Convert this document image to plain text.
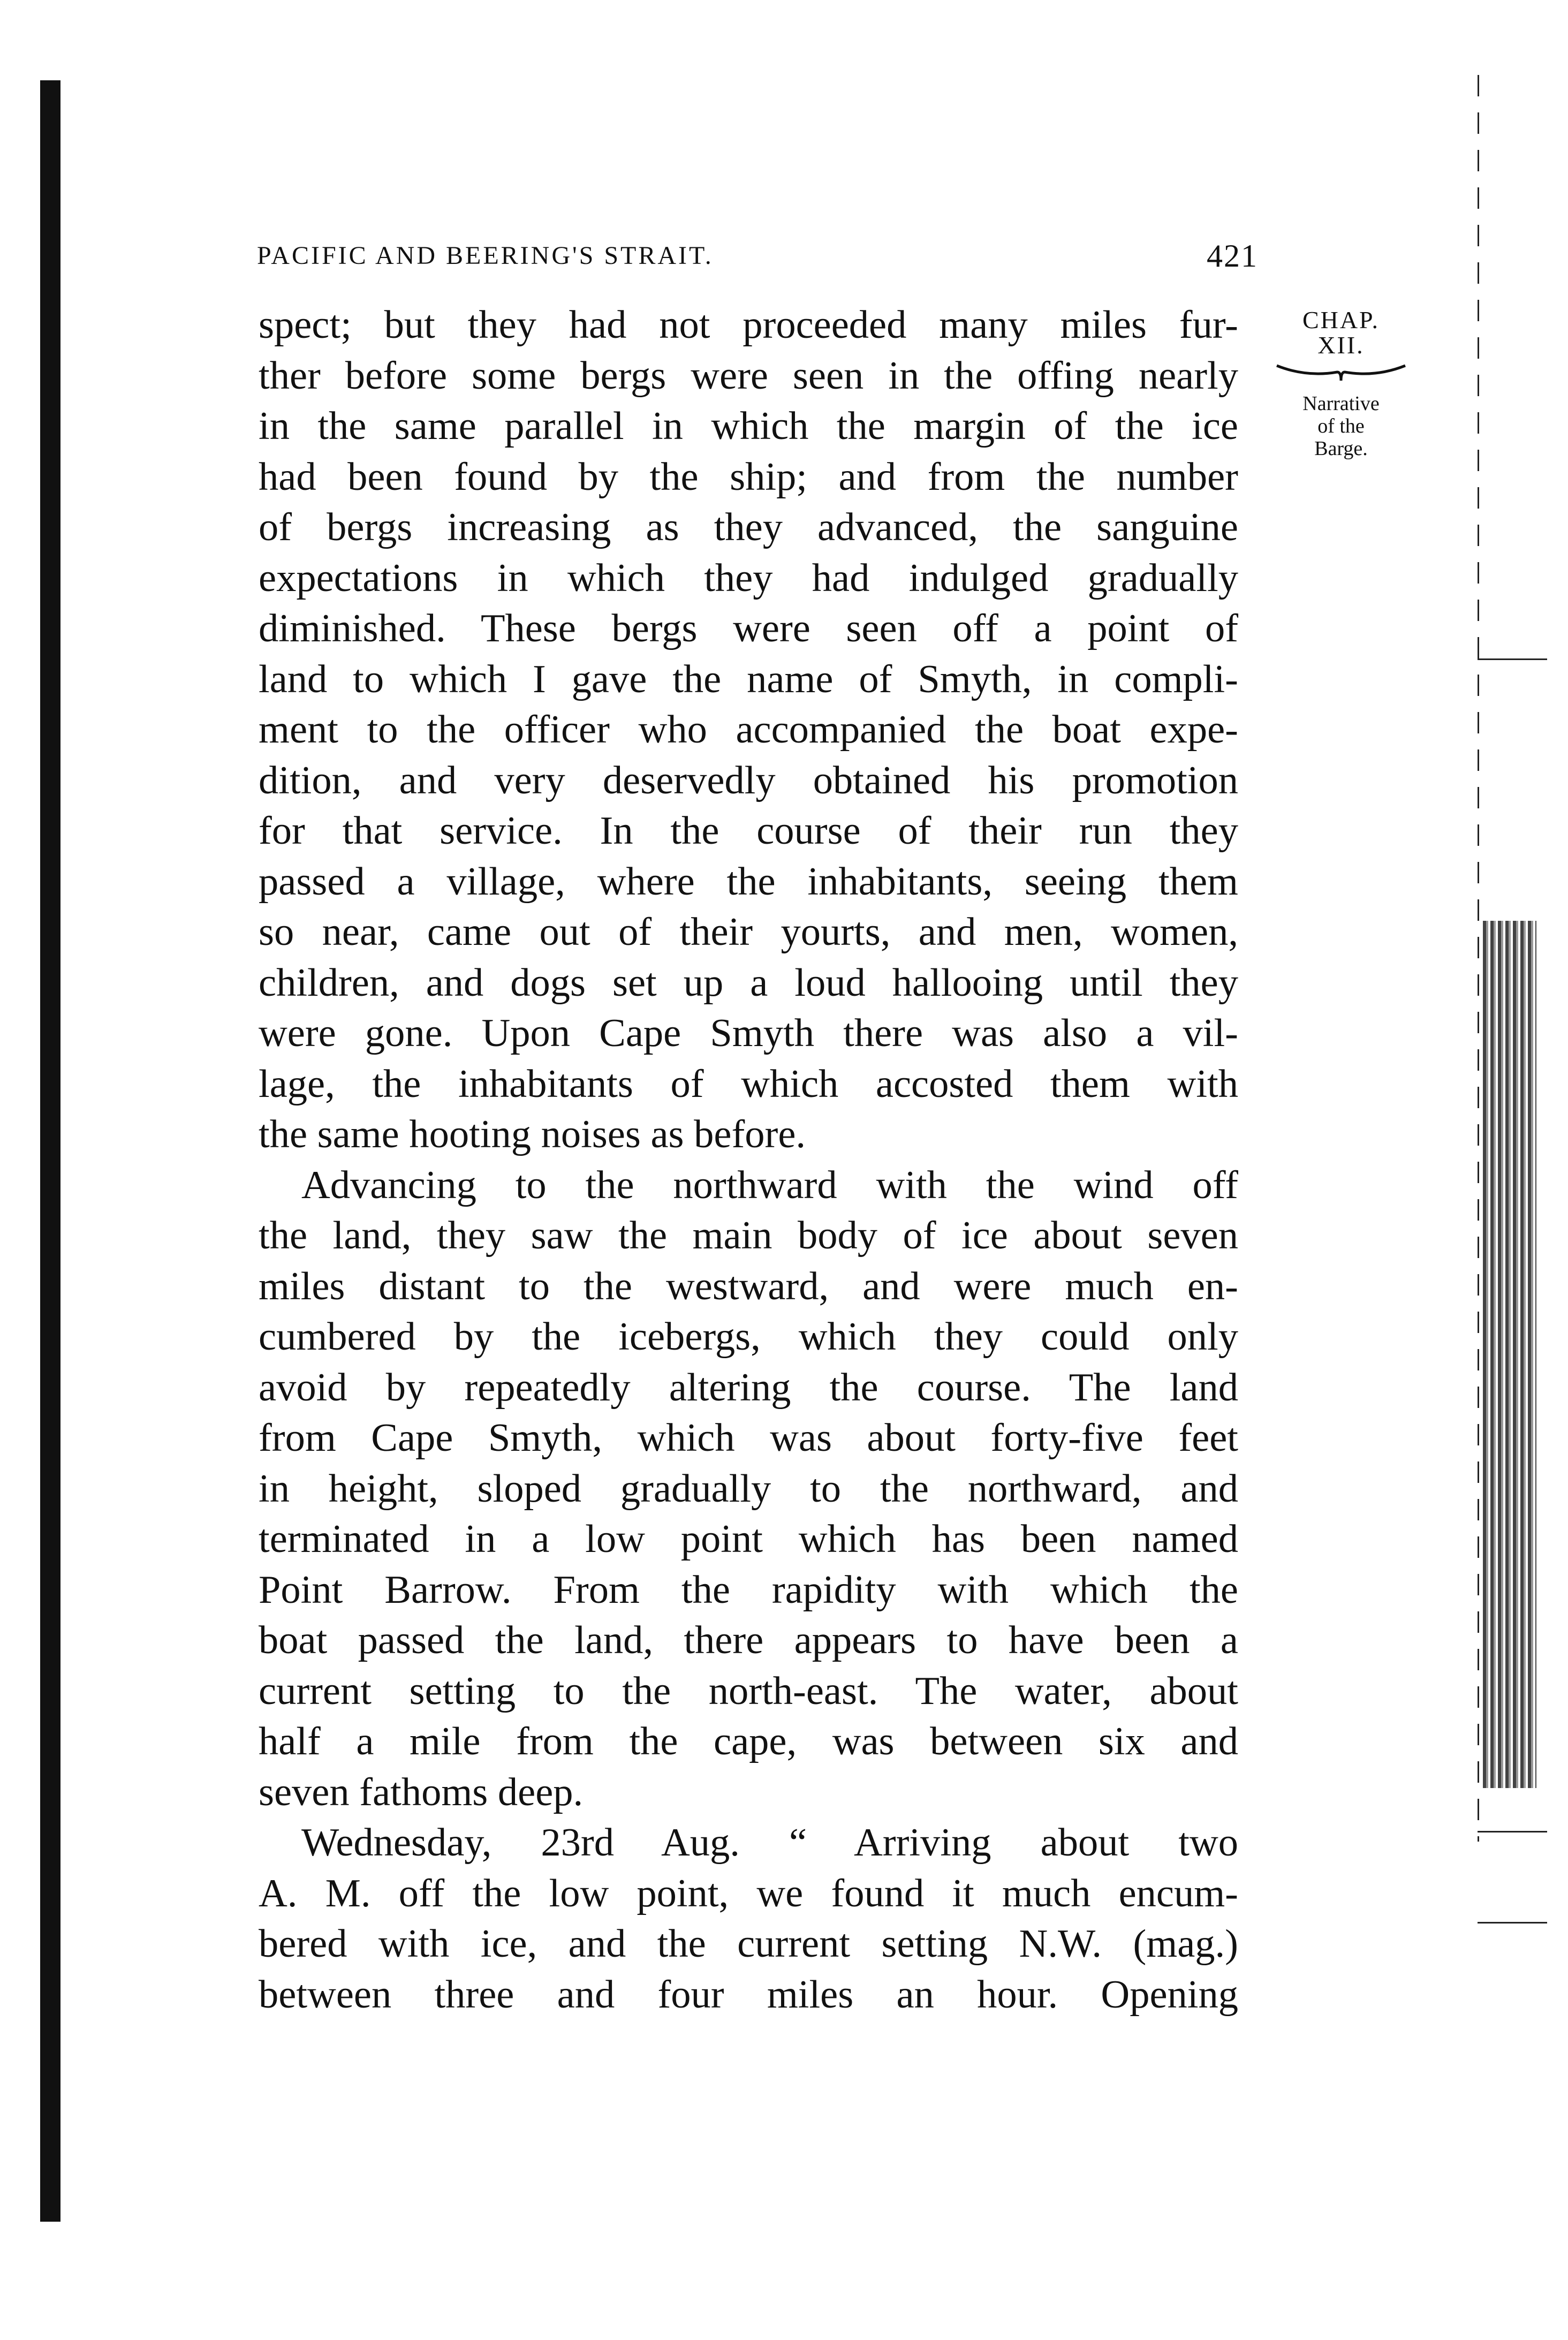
PACIFIC AND BEERING'S STRAIT.	421
CHAP.
XII.
Narrative
of the
Barge.
spect; but they had not proceeded many miles fur-
ther before some bergs were seen in the offing nearly
in the same parallel in which the margin of the ice
had been found by the ship; and from the number
of bergs increasing as they advanced, the sanguine
expectations in which they had indulged gradually
diminished. These bergs were seen off a point of
land to which I gave the name of Smyth, in compli-
ment to the officer who accompanied the boat expe-
dition, and very deservedly obtained his promotion
for that service. In the course of their run they
passed a village, where the inhabitants, seeing them
so near, came out of their yourts, and men, women,
children, and dogs set up a loud hallooing until they
were gone. Upon Cape Smyth there was also a vil-
lage, the inhabitants of which accosted them with
the same hooting noises as before.
Advancing to the northward with the wind off
the land, they saw the main body of ice about seven
miles distant to the westward, and were much en-
cumbered by the icebergs, which they could only
avoid by repeatedly altering the course. The land
from Cape Smyth, which was about forty-five feet
in height, sloped gradually to the northward, and
terminated in a low point which has been named
Point Barrow. From the rapidity with which the
boat passed the land, there appears to have been a
current setting to the north-east. The water, about
half a mile from the cape, was between six and
seven fathoms deep.
Wednesday, 23rd Aug. “ Arriving about two
A. M. off the low point, we found it much encum-
bered with ice, and the current setting N.W. (mag.)
between three and four miles an hour. Opening
